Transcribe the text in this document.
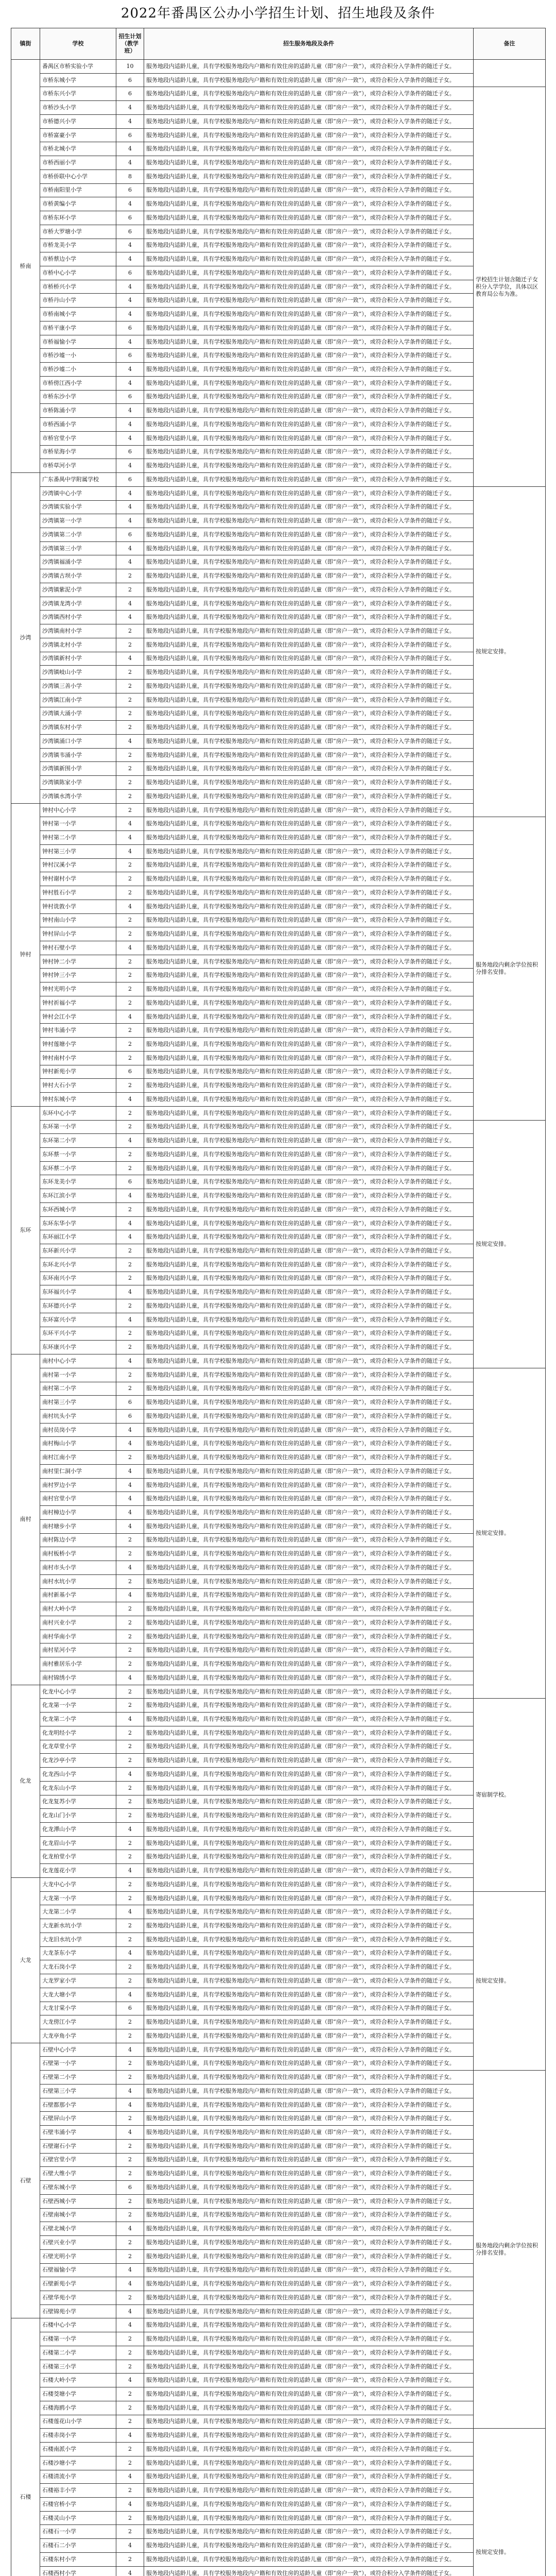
2022年番禺区公办小学招生计划、招生地段及条件
镇街	学校	招生计划（教学班）	招生服务地段及条件	备注
桥南	番禺区市桥实验小学	10	服务地段内适龄儿童，具有学校服务地段内户籍和有效住房的适龄儿童（即“房户一致”），或符合积分入学条件的随迁子女。	
	市桥东城小学	6	服务地段内适龄儿童，具有学校服务地段内户籍和有效住房的适龄儿童（即“房户一致”），或符合积分入学条件的随迁子女。	
	市桥东兴小学	6	服务地段内适龄儿童，具有学校服务地段内户籍和有效住房的适龄儿童（即“房户一致”），或符合积分入学条件的随迁子女。	学校招生计划含随迁子女积分入学学位，具体以区教育局公布为准。
	市桥沙头小学	4	服务地段内适龄儿童，具有学校服务地段内户籍和有效住房的适龄儿童（即“房户一致”），或符合积分入学条件的随迁子女。	
	市桥德兴小学	4	服务地段内适龄儿童，具有学校服务地段内户籍和有效住房的适龄儿童（即“房户一致”），或符合积分入学条件的随迁子女。	
	市桥富豪小学	6	服务地段内适龄儿童，具有学校服务地段内户籍和有效住房的适龄儿童（即“房户一致”），或符合积分入学条件的随迁子女。	
	市桥北城小学	4	服务地段内适龄儿童，具有学校服务地段内户籍和有效住房的适龄儿童（即“房户一致”），或符合积分入学条件的随迁子女。	
	市桥西丽小学	4	服务地段内适龄儿童，具有学校服务地段内户籍和有效住房的适龄儿童（即“房户一致”），或符合积分入学条件的随迁子女。	
	市桥侨联中心小学	8	服务地段内适龄儿童，具有学校服务地段内户籍和有效住房的适龄儿童（即“房户一致”），或符合积分入学条件的随迁子女。	
	市桥南阳里小学	6	服务地段内适龄儿童，具有学校服务地段内户籍和有效住房的适龄儿童（即“房户一致”），或符合积分入学条件的随迁子女。	
	市桥黄编小学	4	服务地段内适龄儿童，具有学校服务地段内户籍和有效住房的适龄儿童（即“房户一致”），或符合积分入学条件的随迁子女。	
	市桥东环小学	6	服务地段内适龄儿童，具有学校服务地段内户籍和有效住房的适龄儿童（即“房户一致”），或符合积分入学条件的随迁子女。	
	市桥大罗塘小学	6	服务地段内适龄儿童，具有学校服务地段内户籍和有效住房的适龄儿童（即“房户一致”），或符合积分入学条件的随迁子女。	
	市桥龙美小学	4	服务地段内适龄儿童，具有学校服务地段内户籍和有效住房的适龄儿童（即“房户一致”），或符合积分入学条件的随迁子女。	
	市桥蔡边小学	4	服务地段内适龄儿童，具有学校服务地段内户籍和有效住房的适龄儿童（即“房户一致”），或符合积分入学条件的随迁子女。	
	市桥中心小学	6	服务地段内适龄儿童，具有学校服务地段内户籍和有效住房的适龄儿童（即“房户一致”），或符合积分入学条件的随迁子女。	
	市桥桥兴小学	4	服务地段内适龄儿童，具有学校服务地段内户籍和有效住房的适龄儿童（即“房户一致”），或符合积分入学条件的随迁子女。	
	市桥丹山小学	4	服务地段内适龄儿童，具有学校服务地段内户籍和有效住房的适龄儿童（即“房户一致”），或符合积分入学条件的随迁子女。	
	市桥南城小学	4	服务地段内适龄儿童，具有学校服务地段内户籍和有效住房的适龄儿童（即“房户一致”），或符合积分入学条件的随迁子女。	
	市桥平康小学	6	服务地段内适龄儿童，具有学校服务地段内户籍和有效住房的适龄儿童（即“房户一致”），或符合积分入学条件的随迁子女。	
	市桥福愉小学	4	服务地段内适龄儿童，具有学校服务地段内户籍和有效住房的适龄儿童（即“房户一致”），或符合积分入学条件的随迁子女。	
	市桥沙墟一小	6	服务地段内适龄儿童，具有学校服务地段内户籍和有效住房的适龄儿童（即“房户一致”），或符合积分入学条件的随迁子女。	
	市桥沙墟二小	4	服务地段内适龄儿童，具有学校服务地段内户籍和有效住房的适龄儿童（即“房户一致”），或符合积分入学条件的随迁子女。	
	市桥傍江西小学	4	服务地段内适龄儿童，具有学校服务地段内户籍和有效住房的适龄儿童（即“房户一致”），或符合积分入学条件的随迁子女。	
	市桥东沙小学	6	服务地段内适龄儿童，具有学校服务地段内户籍和有效住房的适龄儿童（即“房户一致”），或符合积分入学条件的随迁子女。	
	市桥陈涌小学	4	服务地段内适龄儿童，具有学校服务地段内户籍和有效住房的适龄儿童（即“房户一致”），或符合积分入学条件的随迁子女。	
	市桥西涌小学	4	服务地段内适龄儿童，具有学校服务地段内户籍和有效住房的适龄儿童（即“房户一致”），或符合积分入学条件的随迁子女。	
	市桥官堂小学	4	服务地段内适龄儿童，具有学校服务地段内户籍和有效住房的适龄儿童（即“房户一致”），或符合积分入学条件的随迁子女。	
	市桥星海小学	6	服务地段内适龄儿童，具有学校服务地段内户籍和有效住房的适龄儿童（即“房户一致”），或符合积分入学条件的随迁子女。	
	市桥草河小学	4	服务地段内适龄儿童，具有学校服务地段内户籍和有效住房的适龄儿童（即“房户一致”），或符合积分入学条件的随迁子女。	
沙湾	广东番禺中学附属学校	6	服务地段内适龄儿童，具有学校服务地段内户籍和有效住房的适龄儿童（即“房户一致”），或符合积分入学条件的随迁子女。	
	沙湾镇中心小学	4	服务地段内适龄儿童，具有学校服务地段内户籍和有效住房的适龄儿童（即“房户一致”），或符合积分入学条件的随迁子女。	按规定安排。
	沙湾镇实验小学	4	服务地段内适龄儿童，具有学校服务地段内户籍和有效住房的适龄儿童（即“房户一致”），或符合积分入学条件的随迁子女。	
	沙湾镇第一小学	4	服务地段内适龄儿童，具有学校服务地段内户籍和有效住房的适龄儿童（即“房户一致”），或符合积分入学条件的随迁子女。	
	沙湾镇第二小学	6	服务地段内适龄儿童，具有学校服务地段内户籍和有效住房的适龄儿童（即“房户一致”），或符合积分入学条件的随迁子女。	
	沙湾镇第三小学	4	服务地段内适龄儿童，具有学校服务地段内户籍和有效住房的适龄儿童（即“房户一致”），或符合积分入学条件的随迁子女。	
	沙湾镇福涌小学	4	服务地段内适龄儿童，具有学校服务地段内户籍和有效住房的适龄儿童（即“房户一致”），或符合积分入学条件的随迁子女。	
	沙湾镇古坝小学	2	服务地段内适龄儿童，具有学校服务地段内户籍和有效住房的适龄儿童（即“房户一致”），或符合积分入学条件的随迁子女。	
	沙湾镇紫泥小学	2	服务地段内适龄儿童，具有学校服务地段内户籍和有效住房的适龄儿童（即“房户一致”），或符合积分入学条件的随迁子女。	
	沙湾镇龙湾小学	4	服务地段内适龄儿童，具有学校服务地段内户籍和有效住房的适龄儿童（即“房户一致”），或符合积分入学条件的随迁子女。	
	沙湾镇西村小学	4	服务地段内适龄儿童，具有学校服务地段内户籍和有效住房的适龄儿童（即“房户一致”），或符合积分入学条件的随迁子女。	
	沙湾镇南村小学	2	服务地段内适龄儿童，具有学校服务地段内户籍和有效住房的适龄儿童（即“房户一致”），或符合积分入学条件的随迁子女。	
	沙湾镇北村小学	2	服务地段内适龄儿童，具有学校服务地段内户籍和有效住房的适龄儿童（即“房户一致”），或符合积分入学条件的随迁子女。	
	沙湾镇新村小学	4	服务地段内适龄儿童，具有学校服务地段内户籍和有效住房的适龄儿童（即“房户一致”），或符合积分入学条件的随迁子女。	
	沙湾镇岐山小学	2	服务地段内适龄儿童，具有学校服务地段内户籍和有效住房的适龄儿童（即“房户一致”），或符合积分入学条件的随迁子女。	
	沙湾镇三善小学	2	服务地段内适龄儿童，具有学校服务地段内户籍和有效住房的适龄儿童（即“房户一致”），或符合积分入学条件的随迁子女。	
	沙湾镇江南小学	2	服务地段内适龄儿童，具有学校服务地段内户籍和有效住房的适龄儿童（即“房户一致”），或符合积分入学条件的随迁子女。	
	沙湾镇大涌小学	2	服务地段内适龄儿童，具有学校服务地段内户籍和有效住房的适龄儿童（即“房户一致”），或符合积分入学条件的随迁子女。	
	沙湾镇东村小学	2	服务地段内适龄儿童，具有学校服务地段内户籍和有效住房的适龄儿童（即“房户一致”），或符合积分入学条件的随迁子女。	
	沙湾镇涌口小学	4	服务地段内适龄儿童，具有学校服务地段内户籍和有效住房的适龄儿童（即“房户一致”），或符合积分入学条件的随迁子女。	
	沙湾镇韦涌小学	2	服务地段内适龄儿童，具有学校服务地段内户籍和有效住房的适龄儿童（即“房户一致”），或符合积分入学条件的随迁子女。	
	沙湾镇新围小学	2	服务地段内适龄儿童，具有学校服务地段内户籍和有效住房的适龄儿童（即“房户一致”），或符合积分入学条件的随迁子女。	
	沙湾镇陈家小学	2	服务地段内适龄儿童，具有学校服务地段内户籍和有效住房的适龄儿童（即“房户一致”），或符合积分入学条件的随迁子女。	
	沙湾镇水湾小学	2	服务地段内适龄儿童，具有学校服务地段内户籍和有效住房的适龄儿童（即“房户一致”），或符合积分入学条件的随迁子女。	
钟村	钟村中心小学	2	服务地段内适龄儿童，具有学校服务地段内户籍和有效住房的适龄儿童（即“房户一致”），或符合积分入学条件的随迁子女。	
	钟村第一小学	4	服务地段内适龄儿童，具有学校服务地段内户籍和有效住房的适龄儿童（即“房户一致”），或符合积分入学条件的随迁子女。	服务地段内剩余学位按积分排名安排。
	钟村第二小学	4	服务地段内适龄儿童，具有学校服务地段内户籍和有效住房的适龄儿童（即“房户一致”），或符合积分入学条件的随迁子女。	
	钟村第三小学	4	服务地段内适龄儿童，具有学校服务地段内户籍和有效住房的适龄儿童（即“房户一致”），或符合积分入学条件的随迁子女。	
	钟村汉溪小学	2	服务地段内适龄儿童，具有学校服务地段内户籍和有效住房的适龄儿童（即“房户一致”），或符合积分入学条件的随迁子女。	
	钟村谢村小学	2	服务地段内适龄儿童，具有学校服务地段内户籍和有效住房的适龄儿童（即“房户一致”），或符合积分入学条件的随迁子女。	
	钟村胜石小学	2	服务地段内适龄儿童，具有学校服务地段内户籍和有效住房的适龄儿童（即“房户一致”），或符合积分入学条件的随迁子女。	
	钟村诜敦小学	4	服务地段内适龄儿童，具有学校服务地段内户籍和有效住房的适龄儿童（即“房户一致”），或符合积分入学条件的随迁子女。	
	钟村南山小学	2	服务地段内适龄儿童，具有学校服务地段内户籍和有效住房的适龄儿童（即“房户一致”），或符合积分入学条件的随迁子女。	
	钟村屏山小学	2	服务地段内适龄儿童，具有学校服务地段内户籍和有效住房的适龄儿童（即“房户一致”），或符合积分入学条件的随迁子女。	
	钟村石壁小学	4	服务地段内适龄儿童，具有学校服务地段内户籍和有效住房的适龄儿童（即“房户一致”），或符合积分入学条件的随迁子女。	
	钟村钟二小学	2	服务地段内适龄儿童，具有学校服务地段内户籍和有效住房的适龄儿童（即“房户一致”），或符合积分入学条件的随迁子女。	
	钟村钟三小学	2	服务地段内适龄儿童，具有学校服务地段内户籍和有效住房的适龄儿童（即“房户一致”），或符合积分入学条件的随迁子女。	
	钟村光明小学	2	服务地段内适龄儿童，具有学校服务地段内户籍和有效住房的适龄儿童（即“房户一致”），或符合积分入学条件的随迁子女。	
	钟村祈福小学	2	服务地段内适龄儿童，具有学校服务地段内户籍和有效住房的适龄儿童（即“房户一致”），或符合积分入学条件的随迁子女。	
	钟村会江小学	4	服务地段内适龄儿童，具有学校服务地段内户籍和有效住房的适龄儿童（即“房户一致”），或符合积分入学条件的随迁子女。	
	钟村韦涌小学	2	服务地段内适龄儿童，具有学校服务地段内户籍和有效住房的适龄儿童（即“房户一致”），或符合积分入学条件的随迁子女。	
	钟村莲塘小学	2	服务地段内适龄儿童，具有学校服务地段内户籍和有效住房的适龄儿童（即“房户一致”），或符合积分入学条件的随迁子女。	
	钟村南村小学	2	服务地段内适龄儿童，具有学校服务地段内户籍和有效住房的适龄儿童（即“房户一致”），或符合积分入学条件的随迁子女。	
	钟村新苑小学	6	服务地段内适龄儿童，具有学校服务地段内户籍和有效住房的适龄儿童（即“房户一致”），或符合积分入学条件的随迁子女。	
	钟村大石小学	2	服务地段内适龄儿童，具有学校服务地段内户籍和有效住房的适龄儿童（即“房户一致”），或符合积分入学条件的随迁子女。	
	钟村东城小学	4	服务地段内适龄儿童，具有学校服务地段内户籍和有效住房的适龄儿童（即“房户一致”），或符合积分入学条件的随迁子女。	
东环	东环中心小学	2	服务地段内适龄儿童，具有学校服务地段内户籍和有效住房的适龄儿童（即“房户一致”），或符合积分入学条件的随迁子女。	
	东环第一小学	2	服务地段内适龄儿童，具有学校服务地段内户籍和有效住房的适龄儿童（即“房户一致”），或符合积分入学条件的随迁子女。	按规定安排。
	东环第二小学	4	服务地段内适龄儿童，具有学校服务地段内户籍和有效住房的适龄儿童（即“房户一致”），或符合积分入学条件的随迁子女。	
	东环蔡一小学	2	服务地段内适龄儿童，具有学校服务地段内户籍和有效住房的适龄儿童（即“房户一致”），或符合积分入学条件的随迁子女。	
	东环蔡二小学	2	服务地段内适龄儿童，具有学校服务地段内户籍和有效住房的适龄儿童（即“房户一致”），或符合积分入学条件的随迁子女。	
	东环龙美小学	6	服务地段内适龄儿童，具有学校服务地段内户籍和有效住房的适龄儿童（即“房户一致”），或符合积分入学条件的随迁子女。	
	东环江滨小学	4	服务地段内适龄儿童，具有学校服务地段内户籍和有效住房的适龄儿童（即“房户一致”），或符合积分入学条件的随迁子女。	
	东环西城小学	2	服务地段内适龄儿童，具有学校服务地段内户籍和有效住房的适龄儿童（即“房户一致”），或符合积分入学条件的随迁子女。	
	东环东华小学	4	服务地段内适龄儿童，具有学校服务地段内户籍和有效住房的适龄儿童（即“房户一致”），或符合积分入学条件的随迁子女。	
	东环丽江小学	4	服务地段内适龄儿童，具有学校服务地段内户籍和有效住房的适龄儿童（即“房户一致”），或符合积分入学条件的随迁子女。	
	东环新兴小学	2	服务地段内适龄儿童，具有学校服务地段内户籍和有效住房的适龄儿童（即“房户一致”），或符合积分入学条件的随迁子女。	
	东环北兴小学	2	服务地段内适龄儿童，具有学校服务地段内户籍和有效住房的适龄儿童（即“房户一致”），或符合积分入学条件的随迁子女。	
	东环南兴小学	2	服务地段内适龄儿童，具有学校服务地段内户籍和有效住房的适龄儿童（即“房户一致”），或符合积分入学条件的随迁子女。	
	东环福兴小学	4	服务地段内适龄儿童，具有学校服务地段内户籍和有效住房的适龄儿童（即“房户一致”），或符合积分入学条件的随迁子女。	
	东环德兴小学	2	服务地段内适龄儿童，具有学校服务地段内户籍和有效住房的适龄儿童（即“房户一致”），或符合积分入学条件的随迁子女。	
	东环富兴小学	4	服务地段内适龄儿童，具有学校服务地段内户籍和有效住房的适龄儿童（即“房户一致”），或符合积分入学条件的随迁子女。	
	东环平兴小学	2	服务地段内适龄儿童，具有学校服务地段内户籍和有效住房的适龄儿童（即“房户一致”），或符合积分入学条件的随迁子女。	
	东环康兴小学	2	服务地段内适龄儿童，具有学校服务地段内户籍和有效住房的适龄儿童（即“房户一致”），或符合积分入学条件的随迁子女。	
南村	南村中心小学	4	服务地段内适龄儿童，具有学校服务地段内户籍和有效住房的适龄儿童（即“房户一致”），或符合积分入学条件的随迁子女。	
	南村第一小学	2	服务地段内适龄儿童，具有学校服务地段内户籍和有效住房的适龄儿童（即“房户一致”），或符合积分入学条件的随迁子女。	按规定安排。
	南村第二小学	2	服务地段内适龄儿童，具有学校服务地段内户籍和有效住房的适龄儿童（即“房户一致”），或符合积分入学条件的随迁子女。	
	南村第三小学	6	服务地段内适龄儿童，具有学校服务地段内户籍和有效住房的适龄儿童（即“房户一致”），或符合积分入学条件的随迁子女。	
	南村坑头小学	6	服务地段内适龄儿童，具有学校服务地段内户籍和有效住房的适龄儿童（即“房户一致”），或符合积分入学条件的随迁子女。	
	南村员岗小学	4	服务地段内适龄儿童，具有学校服务地段内户籍和有效住房的适龄儿童（即“房户一致”），或符合积分入学条件的随迁子女。	
	南村梅山小学	4	服务地段内适龄儿童，具有学校服务地段内户籍和有效住房的适龄儿童（即“房户一致”），或符合积分入学条件的随迁子女。	
	南村江南小学	2	服务地段内适龄儿童，具有学校服务地段内户籍和有效住房的适龄儿童（即“房户一致”），或符合积分入学条件的随迁子女。	
	南村里仁洞小学	4	服务地段内适龄儿童，具有学校服务地段内户籍和有效住房的适龄儿童（即“房户一致”），或符合积分入学条件的随迁子女。	
	南村罗边小学	4	服务地段内适龄儿童，具有学校服务地段内户籍和有效住房的适龄儿童（即“房户一致”），或符合积分入学条件的随迁子女。	
	南村官堂小学	4	服务地段内适龄儿童，具有学校服务地段内户籍和有效住房的适龄儿童（即“房户一致”），或符合积分入学条件的随迁子女。	
	南村樟边小学	4	服务地段内适龄儿童，具有学校服务地段内户籍和有效住房的适龄儿童（即“房户一致”），或符合积分入学条件的随迁子女。	
	南村塘步小学	4	服务地段内适龄儿童，具有学校服务地段内户籍和有效住房的适龄儿童（即“房户一致”），或符合积分入学条件的随迁子女。	
	南村陈边小学	2	服务地段内适龄儿童，具有学校服务地段内户籍和有效住房的适龄儿童（即“房户一致”），或符合积分入学条件的随迁子女。	
	南村板桥小学	2	服务地段内适龄儿童，具有学校服务地段内户籍和有效住房的适龄儿童（即“房户一致”），或符合积分入学条件的随迁子女。	
	南村市头小学	4	服务地段内适龄儿童，具有学校服务地段内户籍和有效住房的适龄儿童（即“房户一致”），或符合积分入学条件的随迁子女。	
	南村水坑小学	2	服务地段内适龄儿童，具有学校服务地段内户籍和有效住房的适龄儿童（即“房户一致”），或符合积分入学条件的随迁子女。	
	南村新基小学	4	服务地段内适龄儿童，具有学校服务地段内户籍和有效住房的适龄儿童（即“房户一致”），或符合积分入学条件的随迁子女。	
	南村大岭小学	2	服务地段内适龄儿童，具有学校服务地段内户籍和有效住房的适龄儿童（即“房户一致”），或符合积分入学条件的随迁子女。	
	南村兴业小学	2	服务地段内适龄儿童，具有学校服务地段内户籍和有效住房的适龄儿童（即“房户一致”），或符合积分入学条件的随迁子女。	
	南村华南小学	2	服务地段内适龄儿童，具有学校服务地段内户籍和有效住房的适龄儿童（即“房户一致”），或符合积分入学条件的随迁子女。	
	南村星河小学	2	服务地段内适龄儿童，具有学校服务地段内户籍和有效住房的适龄儿童（即“房户一致”），或符合积分入学条件的随迁子女。	
	南村雅居乐小学	2	服务地段内适龄儿童，具有学校服务地段内户籍和有效住房的适龄儿童（即“房户一致”），或符合积分入学条件的随迁子女。	
	南村锦绣小学	4	服务地段内适龄儿童，具有学校服务地段内户籍和有效住房的适龄儿童（即“房户一致”），或符合积分入学条件的随迁子女。	
化龙	化龙中心小学	2	服务地段内适龄儿童，具有学校服务地段内户籍和有效住房的适龄儿童（即“房户一致”），或符合积分入学条件的随迁子女。	
	化龙第一小学	2	服务地段内适龄儿童，具有学校服务地段内户籍和有效住房的适龄儿童（即“房户一致”），或符合积分入学条件的随迁子女。	寄宿制学校。
	化龙第二小学	4	服务地段内适龄儿童，具有学校服务地段内户籍和有效住房的适龄儿童（即“房户一致”），或符合积分入学条件的随迁子女。	
	化龙明经小学	2	服务地段内适龄儿童，具有学校服务地段内户籍和有效住房的适龄儿童（即“房户一致”），或符合积分入学条件的随迁子女。	
	化龙草堂小学	2	服务地段内适龄儿童，具有学校服务地段内户籍和有效住房的适龄儿童（即“房户一致”），或符合积分入学条件的随迁子女。	
	化龙沙亭小学	2	服务地段内适龄儿童，具有学校服务地段内户籍和有效住房的适龄儿童（即“房户一致”），或符合积分入学条件的随迁子女。	
	化龙西山小学	4	服务地段内适龄儿童，具有学校服务地段内户籍和有效住房的适龄儿童（即“房户一致”），或符合积分入学条件的随迁子女。	
	化龙东山小学	2	服务地段内适龄儿童，具有学校服务地段内户籍和有效住房的适龄儿童（即“房户一致”），或符合积分入学条件的随迁子女。	
	化龙复苏小学	2	服务地段内适龄儿童，具有学校服务地段内户籍和有效住房的适龄儿童（即“房户一致”），或符合积分入学条件的随迁子女。	
	化龙山门小学	2	服务地段内适龄儿童，具有学校服务地段内户籍和有效住房的适龄儿童（即“房户一致”），或符合积分入学条件的随迁子女。	
	化龙潭山小学	4	服务地段内适龄儿童，具有学校服务地段内户籍和有效住房的适龄儿童（即“房户一致”），或符合积分入学条件的随迁子女。	
	化龙眉山小学	2	服务地段内适龄儿童，具有学校服务地段内户籍和有效住房的适龄儿童（即“房户一致”），或符合积分入学条件的随迁子女。	
	化龙柏堂小学	2	服务地段内适龄儿童，具有学校服务地段内户籍和有效住房的适龄儿童（即“房户一致”），或符合积分入学条件的随迁子女。	
	化龙莲花小学	4	服务地段内适龄儿童，具有学校服务地段内户籍和有效住房的适龄儿童（即“房户一致”），或符合积分入学条件的随迁子女。	
大龙	大龙中心小学	2	服务地段内适龄儿童，具有学校服务地段内户籍和有效住房的适龄儿童（即“房户一致”），或符合积分入学条件的随迁子女。	
	大龙第一小学	2	服务地段内适龄儿童，具有学校服务地段内户籍和有效住房的适龄儿童（即“房户一致”），或符合积分入学条件的随迁子女。	按规定安排。
	大龙第二小学	4	服务地段内适龄儿童，具有学校服务地段内户籍和有效住房的适龄儿童（即“房户一致”），或符合积分入学条件的随迁子女。	
	大龙新水坑小学	2	服务地段内适龄儿童，具有学校服务地段内户籍和有效住房的适龄儿童（即“房户一致”），或符合积分入学条件的随迁子女。	
	大龙旧水坑小学	2	服务地段内适龄儿童，具有学校服务地段内户籍和有效住房的适龄儿童（即“房户一致”），或符合积分入学条件的随迁子女。	
	大龙茶东小学	4	服务地段内适龄儿童，具有学校服务地段内户籍和有效住房的适龄儿童（即“房户一致”），或符合积分入学条件的随迁子女。	
	大龙石岗小学	2	服务地段内适龄儿童，具有学校服务地段内户籍和有效住房的适龄儿童（即“房户一致”），或符合积分入学条件的随迁子女。	
	大龙罗家小学	2	服务地段内适龄儿童，具有学校服务地段内户籍和有效住房的适龄儿童（即“房户一致”），或符合积分入学条件的随迁子女。	
	大龙大塘小学	4	服务地段内适龄儿童，具有学校服务地段内户籍和有效住房的适龄儿童（即“房户一致”），或符合积分入学条件的随迁子女。	
	大龙甘棠小学	6	服务地段内适龄儿童，具有学校服务地段内户籍和有效住房的适龄儿童（即“房户一致”），或符合积分入学条件的随迁子女。	
	大龙傍江小学	2	服务地段内适龄儿童，具有学校服务地段内户籍和有效住房的适龄儿童（即“房户一致”），或符合积分入学条件的随迁子女。	
	大龙亭角小学	2	服务地段内适龄儿童，具有学校服务地段内户籍和有效住房的适龄儿童（即“房户一致”），或符合积分入学条件的随迁子女。	
石壁	石壁中心小学	4	服务地段内适龄儿童，具有学校服务地段内户籍和有效住房的适龄儿童（即“房户一致”），或符合积分入学条件的随迁子女。	
	石壁第一小学	2	服务地段内适龄儿童，具有学校服务地段内户籍和有效住房的适龄儿童（即“房户一致”），或符合积分入学条件的随迁子女。	
	石壁第二小学	2	服务地段内适龄儿童，具有学校服务地段内户籍和有效住房的适龄儿童（即“房户一致”），或符合积分入学条件的随迁子女。	服务地段内剩余学位按积分排名安排。
	石壁第三小学	4	服务地段内适龄儿童，具有学校服务地段内户籍和有效住房的适龄儿童（即“房户一致”），或符合积分入学条件的随迁子女。	
	石壁都那小学	4	服务地段内适龄儿童，具有学校服务地段内户籍和有效住房的适龄儿童（即“房户一致”），或符合积分入学条件的随迁子女。	
	石壁屏山小学	2	服务地段内适龄儿童，具有学校服务地段内户籍和有效住房的适龄儿童（即“房户一致”），或符合积分入学条件的随迁子女。	
	石壁韦涌小学	4	服务地段内适龄儿童，具有学校服务地段内户籍和有效住房的适龄儿童（即“房户一致”），或符合积分入学条件的随迁子女。	
	石壁谢石小学	2	服务地段内适龄儿童，具有学校服务地段内户籍和有效住房的适龄儿童（即“房户一致”），或符合积分入学条件的随迁子女。	
	石壁官堂小学	2	服务地段内适龄儿童，具有学校服务地段内户籍和有效住房的适龄儿童（即“房户一致”），或符合积分入学条件的随迁子女。	
	石壁大维小学	2	服务地段内适龄儿童，具有学校服务地段内户籍和有效住房的适龄儿童（即“房户一致”），或符合积分入学条件的随迁子女。	
	石壁东城小学	6	服务地段内适龄儿童，具有学校服务地段内户籍和有效住房的适龄儿童（即“房户一致”），或符合积分入学条件的随迁子女。	
	石壁西城小学	2	服务地段内适龄儿童，具有学校服务地段内户籍和有效住房的适龄儿童（即“房户一致”），或符合积分入学条件的随迁子女。	
	石壁南城小学	2	服务地段内适龄儿童，具有学校服务地段内户籍和有效住房的适龄儿童（即“房户一致”），或符合积分入学条件的随迁子女。	
	石壁北城小学	4	服务地段内适龄儿童，具有学校服务地段内户籍和有效住房的适龄儿童（即“房户一致”），或符合积分入学条件的随迁子女。	
	石壁兴业小学	2	服务地段内适龄儿童，具有学校服务地段内户籍和有效住房的适龄儿童（即“房户一致”），或符合积分入学条件的随迁子女。	
	石壁光明小学	2	服务地段内适龄儿童，具有学校服务地段内户籍和有效住房的适龄儿童（即“房户一致”），或符合积分入学条件的随迁子女。	
	石壁福愉小学	4	服务地段内适龄儿童，具有学校服务地段内户籍和有效住房的适龄儿童（即“房户一致”），或符合积分入学条件的随迁子女。	
	石壁新苑小学	4	服务地段内适龄儿童，具有学校服务地段内户籍和有效住房的适龄儿童（即“房户一致”），或符合积分入学条件的随迁子女。	
	石壁华苑小学	2	服务地段内适龄儿童，具有学校服务地段内户籍和有效住房的适龄儿童（即“房户一致”），或符合积分入学条件的随迁子女。	
	石壁锦苑小学	4	服务地段内适龄儿童，具有学校服务地段内户籍和有效住房的适龄儿童（即“房户一致”），或符合积分入学条件的随迁子女。	
石楼	石楼中心小学	4	服务地段内适龄儿童，具有学校服务地段内户籍和有效住房的适龄儿童（即“房户一致”），或符合积分入学条件的随迁子女。	
	石楼第一小学	2	服务地段内适龄儿童，具有学校服务地段内户籍和有效住房的适龄儿童（即“房户一致”），或符合积分入学条件的随迁子女。	
	石楼第二小学	2	服务地段内适龄儿童，具有学校服务地段内户籍和有效住房的适龄儿童（即“房户一致”），或符合积分入学条件的随迁子女。	
	石楼第三小学	2	服务地段内适龄儿童，具有学校服务地段内户籍和有效住房的适龄儿童（即“房户一致”），或符合积分入学条件的随迁子女。	
	石楼大岭小学	4	服务地段内适龄儿童，具有学校服务地段内户籍和有效住房的适龄儿童（即“房户一致”），或符合积分入学条件的随迁子女。	
	石楼茭塘小学	2	服务地段内适龄儿童，具有学校服务地段内户籍和有效住房的适龄儿童（即“房户一致”），或符合积分入学条件的随迁子女。	
	石楼海鸥小学	2	服务地段内适龄儿童，具有学校服务地段内户籍和有效住房的适龄儿童（即“房户一致”），或符合积分入学条件的随迁子女。	
	石楼莲花山小学	2	服务地段内适龄儿童，具有学校服务地段内户籍和有效住房的适龄儿童（即“房户一致”），或符合积分入学条件的随迁子女。	
	石楼赤岗小学	4	服务地段内适龄儿童，具有学校服务地段内户籍和有效住房的适龄儿童（即“房户一致”），或符合积分入学条件的随迁子女。	按规定安排。
	石楼南派小学	2	服务地段内适龄儿童，具有学校服务地段内户籍和有效住房的适龄儿童（即“房户一致”），或符合积分入学条件的随迁子女。	
	石楼沙塘小学	2	服务地段内适龄儿童，具有学校服务地段内户籍和有效住房的适龄儿童（即“房户一致”），或符合积分入学条件的随迁子女。	
	石楼清流小学	4	服务地段内适龄儿童，具有学校服务地段内户籍和有效住房的适龄儿童（即“房户一致”），或符合积分入学条件的随迁子女。	
	石楼裕丰小学	2	服务地段内适龄儿童，具有学校服务地段内户籍和有效住房的适龄儿童（即“房户一致”），或符合积分入学条件的随迁子女。	
	石楼官桥小学	4	服务地段内适龄儿童，具有学校服务地段内户籍和有效住房的适龄儿童（即“房户一致”），或符合积分入学条件的随迁子女。	
	石楼灵山小学	2	服务地段内适龄儿童，具有学校服务地段内户籍和有效住房的适龄儿童（即“房户一致”），或符合积分入学条件的随迁子女。	
	石楼石一小学	2	服务地段内适龄儿童，具有学校服务地段内户籍和有效住房的适龄儿童（即“房户一致”），或符合积分入学条件的随迁子女。	
	石楼石二小学	4	服务地段内适龄儿童，具有学校服务地段内户籍和有效住房的适龄儿童（即“房户一致”），或符合积分入学条件的随迁子女。	
	石楼东村小学	2	服务地段内适龄儿童，具有学校服务地段内户籍和有效住房的适龄儿童（即“房户一致”），或符合积分入学条件的随迁子女。	
	石楼西村小学	4	服务地段内适龄儿童，具有学校服务地段内户籍和有效住房的适龄儿童（即“房户一致”），或符合积分入学条件的随迁子女。	
